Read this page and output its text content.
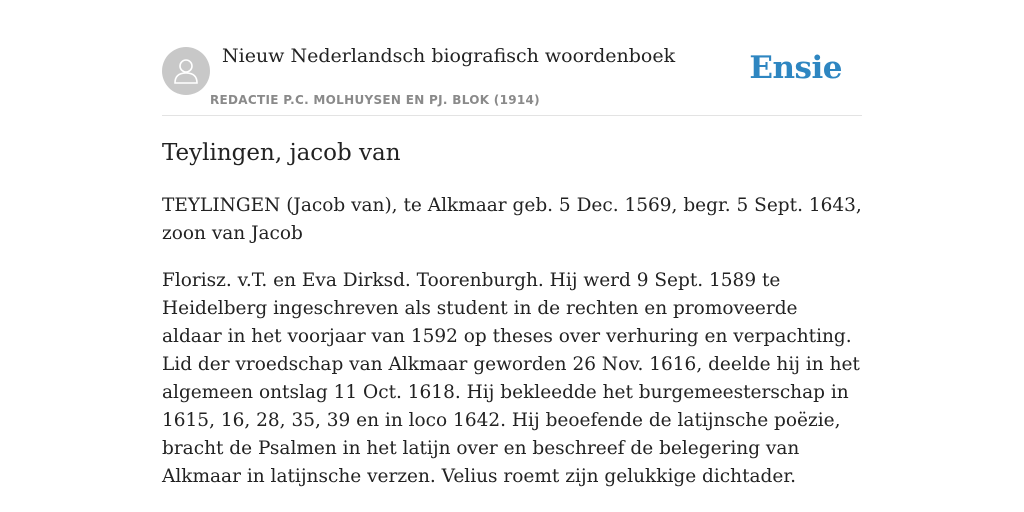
Nieuw Nederlandsch biografisch woordenboek
REDACTIE P.C. MOLHUYSEN EN PJ. BLOK (1914)
Ensie
Teylingen, jacob van

TEYLINGEN (Jacob van), te Alkmaar geb. 5 Dec. 1569, begr. 5 Sept. 1643, zoon van Jacob

Florisz. v.T. en Eva Dirksd. Toorenburgh. Hij werd 9 Sept. 1589 te Heidelberg ingeschreven als student in de rechten en promoveerde aldaar in het voorjaar van 1592 op theses over verhuring en verpachting. Lid der vroedschap van Alkmaar geworden 26 Nov. 1616, deelde hij in het algemeen ontslag 11 Oct. 1618. Hij bekleedde het burgemeesterschap in 1615, 16, 28, 35, 39 en in loco 1642. Hij beoefende de latijnsche poëzie, bracht de Psalmen in het latijn over en beschreef de belegering van Alkmaar in latijnsche verzen. Velius roemt zijn gelukkige dichtader.
